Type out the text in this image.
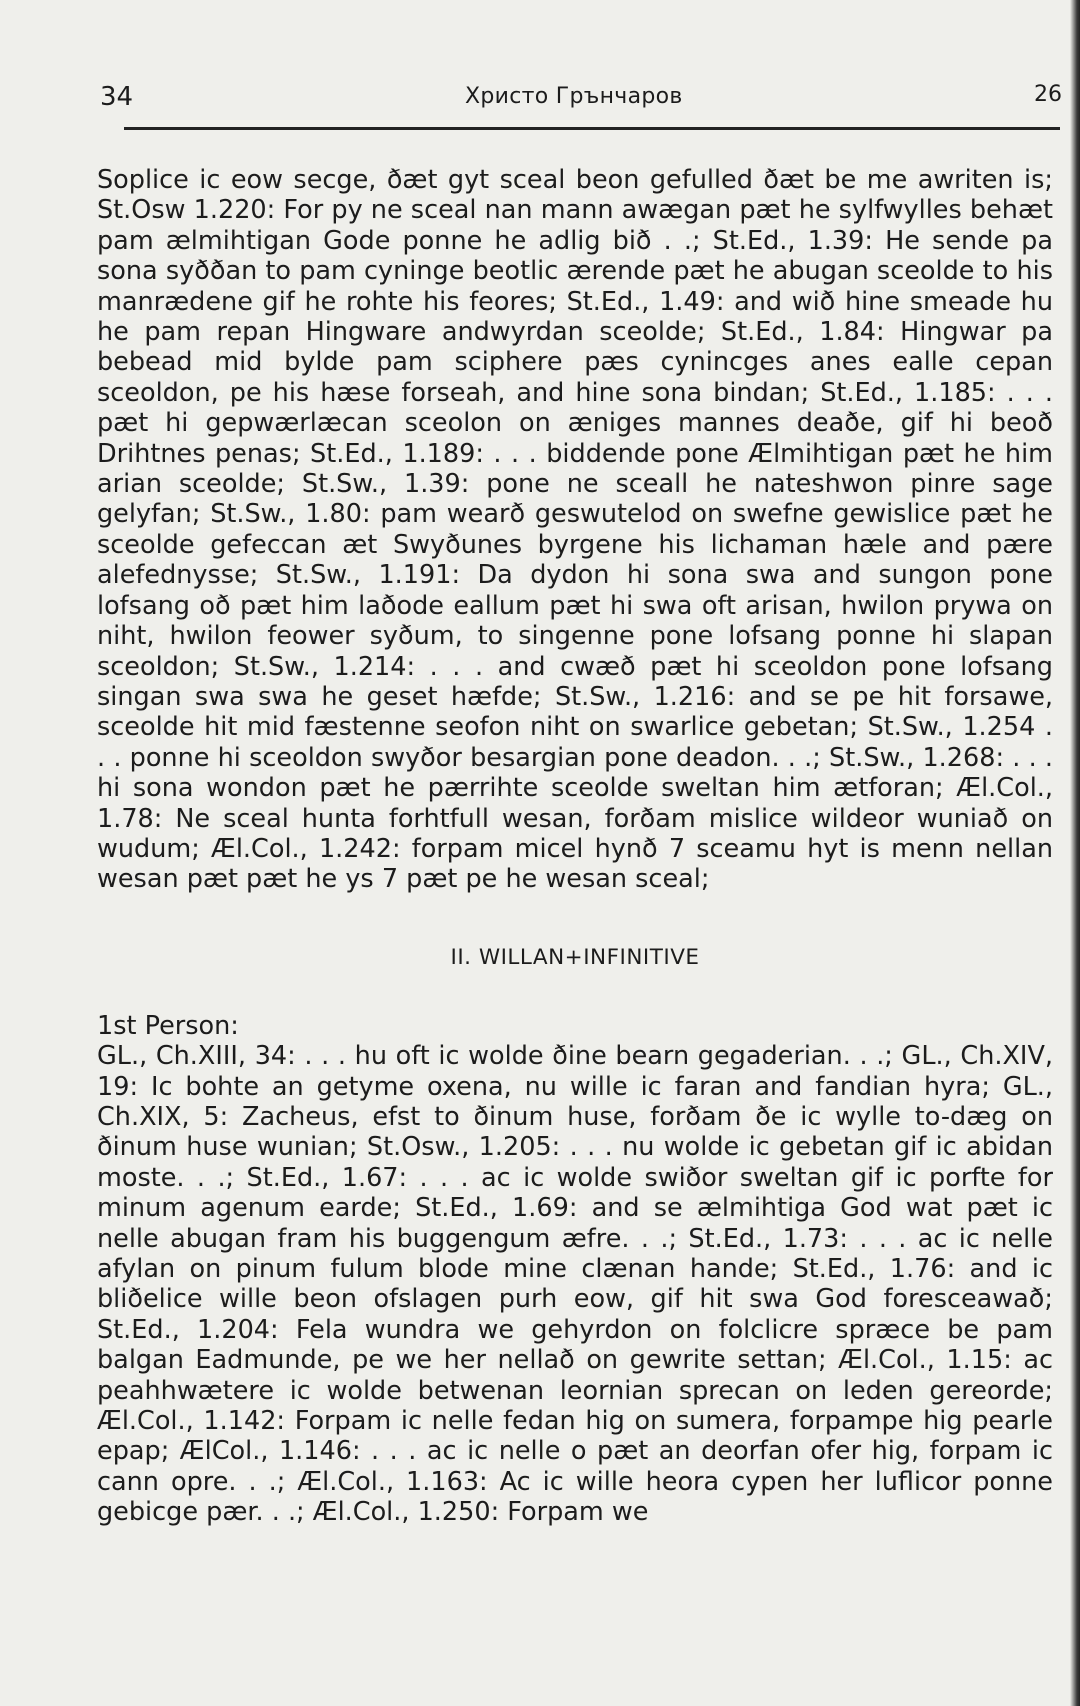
34	Христо Грънчаров	26

Soplice ic eow secge, ðæt gyt sceal beon gefulled ðæt be me awriten is; St.Osw 1.220: For py ne sceal nan mann awægan pæt he sylfwylles behæt pam ælmihtigan Gode ponne he adlig bið . .; St.Ed., 1.39: He sende pa sona syððan to pam cyninge beotlic ærende pæt he abugan sceolde to his manrædene gif he rohte his feores; St.Ed., 1.49: and wið hine smeade hu he pam repan Hingware andwyrdan sceolde; St.Ed., 1.84: Hingwar pa bebead mid bylde pam sciphere pæs cynincges anes ealle cepan sceoldon, pe his hæse forseah, and hine sona bindan; St.Ed., 1.185: . . . pæt hi gepwærlæcan sceolon on æniges mannes deaðe, gif hi beoð Drihtnes penas; St.Ed., 1.189: . . . biddende pone Ælmihtigan pæt he him arian sceolde; St.Sw., 1.39: pone ne sceall he nateshwon pinre sage gelyfan; St.Sw., 1.80: pam wearð geswutelod on swefne gewislice pæt he sceolde gefeccan æt Swyðunes byrgene his lichaman hæle and pære alefednysse; St.Sw., 1.191: Da dydon hi sona swa and sungon pone lofsang oð pæt him laðode eallum pæt hi swa oft arisan, hwilon prywa on niht, hwilon feower syðum, to singenne pone lofsang ponne hi slapan sceoldon; St.Sw., 1.214: . . . and cwæð pæt hi sceoldon pone lofsang singan swa swa he geset hæfde; St.Sw., 1.216: and se pe hit forsawe, sceolde hit mid fæstenne seofon niht on swarlice gebetan; St.Sw., 1.254 . . . ponne hi sceoldon swyðor besargian pone deadon. . .; St.Sw., 1.268: . . . hi sona wondon pæt he pærrihte sceolde sweltan him ætforan; Æl.Col., 1.78: Ne sceal hunta forhtfull wesan, forðam mislice wildeor wuniað on wudum; Æl.Col., 1.242: forpam micel hynð 7 sceamu hyt is menn nellan wesan pæt pæt he ys 7 pæt pe he wesan sceal;

II. WILLAN+INFINITIVE

1st Person:

GL., Ch.XIII, 34: . . . hu oft ic wolde ðine bearn gegaderian. . .; GL., Ch.XIV, 19: Ic bohte an getyme oxena, nu wille ic faran and fandian hyra; GL., Ch.XIX, 5: Zacheus, efst to ðinum huse, forðam ðe ic wylle to-dæg on ðinum huse wunian; St.Osw., 1.205: . . . nu wolde ic gebetan gif ic abidan moste. . .; St.Ed., 1.67: . . . ac ic wolde swiðor sweltan gif ic porfte for minum agenum earde; St.Ed., 1.69: and se ælmihtiga God wat pæt ic nelle abugan fram his buggengum æfre. . .; St.Ed., 1.73: . . . ac ic nelle afylan on pinum fulum blode mine clænan hande; St.Ed., 1.76: and ic bliðelice wille beon ofslagen purh eow, gif hit swa God foresceawað; St.Ed., 1.204: Fela wundra we gehyrdon on folclicre spræce be pam balgan Eadmunde, pe we her nellað on gewrite settan; Æl.Col., 1.15: ac peahhwætere ic wolde betwenan leornian sprecan on leden gereorde; Æl.Col., 1.142: Forpam ic nelle fedan hig on sumera, forpampe hig pearle epap; ÆlCol., 1.146: . . . ac ic nelle o pæt an deorfan ofer hig, forpam ic cann opre. . .; Æl.Col., 1.163: Ac ic wille heora cypen her luflicor ponne gebicge pær. . .; Æl.Col., 1.250: Forpam we
